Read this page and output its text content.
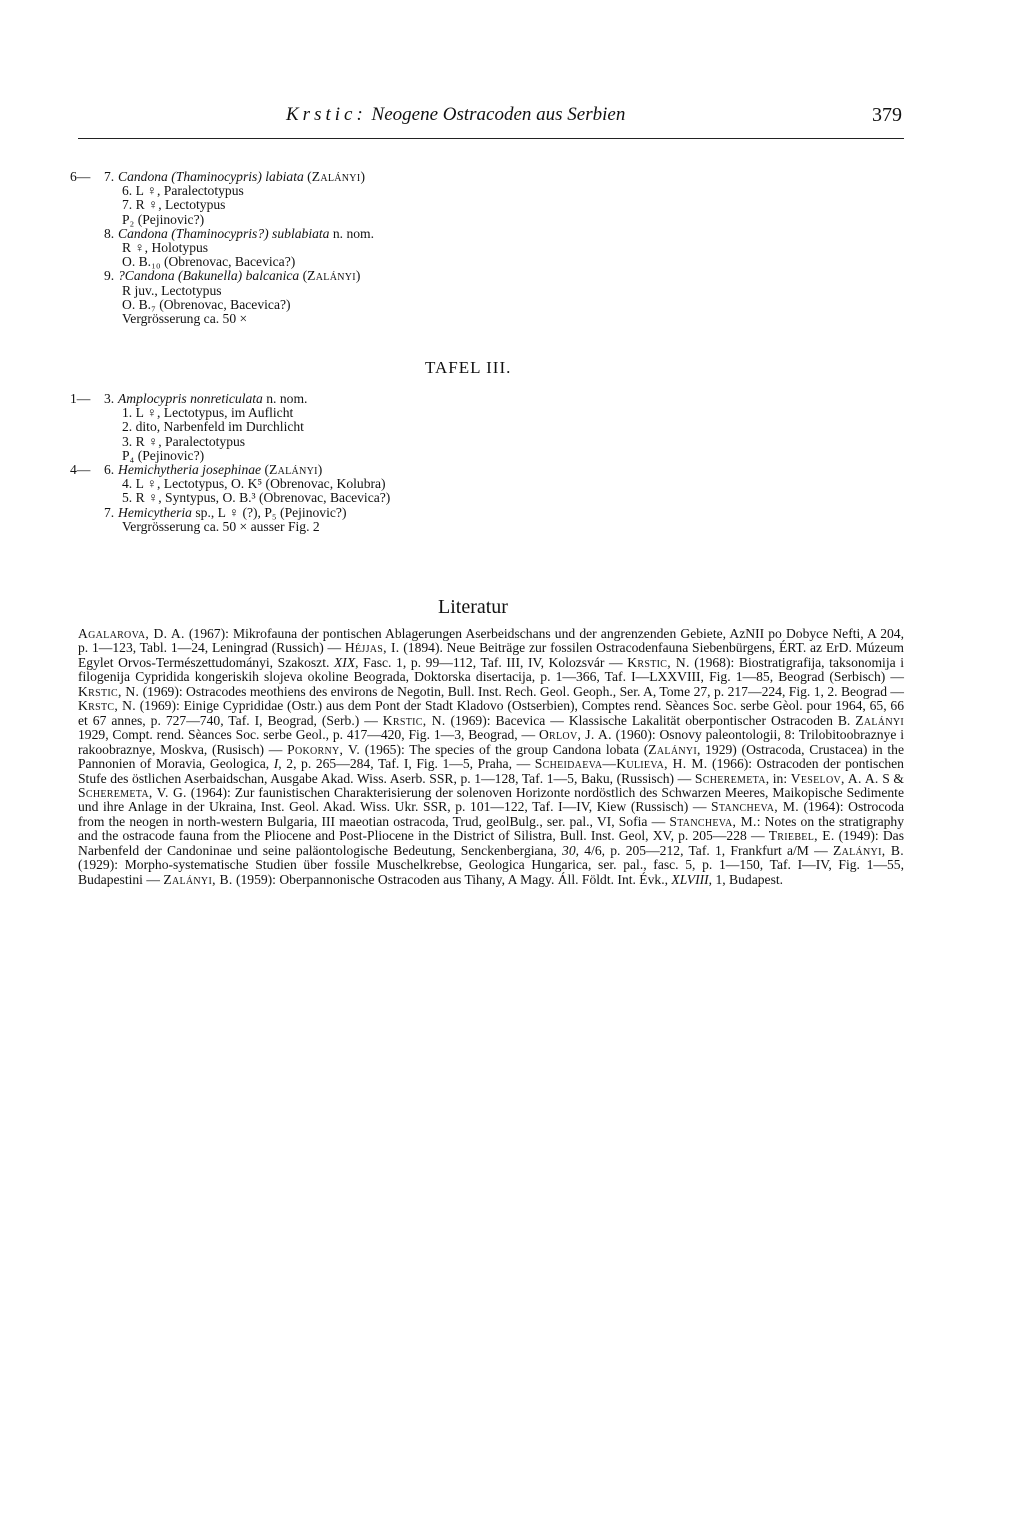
Krstic: Neogene Ostracoden aus Serbien	379
6— 7. Candona (Thaminocypris) labiata (Zalányi)
6. L ♀, Paralectotypus
7. R ♀, Lectotypus
P₂ (Pejinovic?)
8. Candona (Thaminocypris?) sublabiata n. nom.
R ♀, Holotypus
O. B.₁₀ (Obrenovac, Bacevica?)
9. ?Candona (Bakunella) balcanica (Zalányi)
R juv., Lectotypus
O. B.₇ (Obrenovac, Bacevica?)
Vergrösserung ca. 50 ×
TAFEL III.
1— 3. Amplocypris nonreticulata n. nom.
1. L ♀, Lectotypus, im Auflicht
2. dito, Narbenfeld im Durchlicht
3. R ♀, Paralectotypus
P₄ (Pejinovic?)
4— 6. Hemichytheria josephinae (Zalányi)
4. L ♀, Lectotypus, O. K⁵ (Obrenovac, Kolubra)
5. R ♀, Syntypus, O. B.³ (Obrenovac, Bacevica?)
7. Hemicytheria sp., L ♀ (?), P₅ (Pejinovic?)
Vergrösserung ca. 50 × ausser Fig. 2
Literatur
Agalarova, D. A. (1967): Mikrofauna der pontischen Ablagerungen Aserbeidschans und der angrenzenden Gebiete, AzNII po Dobyce Nefti, A 204, p. 1—123, Tabl. 1—24, Leningrad (Russich) — Héjjas, I. (1894). Neue Beiträge zur fossilen Ostracodenfauna Siebenbürgens, ÉRT. az ErD. Múzeum Egylet Orvos-Természettudományi, Szakoszt. XIX, Fasc. 1, p. 99—112, Taf. III, IV, Kolozsvár — Krstic, N. (1968): Biostratigrafija, taksonomija i filogenija Cypridida kongeriskih slojeva okoline Beograda, Doktorska disertacija, p. 1—366, Taf. I—LXXVIII, Fig. 1—85, Beograd (Serbisch) — Krstic, N. (1969): Ostracodes meothiens des environs de Negotin, Bull. Inst. Rech. Geol. Geoph., Ser. A, Tome 27, p. 217—224, Fig. 1, 2. Beograd — Krstc, N. (1969): Einige Cyprididae (Ostr.) aus dem Pont der Stadt Kladovo (Ostserbien), Comptes rend. Sèances Soc. serbe Gèol. pour 1964, 65, 66 et 67 annes, p. 727—740, Taf. I, Beograd, (Serb.) — Krstic, N. (1969): Bacevica — Klassische Lakalität oberpontischer Ostracoden B. Zalányi 1929, Compt. rend. Sèances Soc. serbe Geol., p. 417—420, Fig. 1—3, Beograd, — Orlov, J. A. (1960): Osnovy paleontologii, 8: Trilobitoobraznye i rakoobraznye, Moskva, (Rusisch) — Pokorny, V. (1965): The species of the group Candona lobata (Zalányi, 1929) (Ostracoda, Crustacea) in the Pannonien of Moravia, Geologica, I, 2, p. 265—284, Taf. I, Fig. 1—5, Praha, — Scheidaeva—Kulieva, H. M. (1966): Ostracoden der pontischen Stufe des östlichen Aserbaidschan, Ausgabe Akad. Wiss. Aserb. SSR, p. 1—128, Taf. 1—5, Baku, (Russisch) — Scheremeta, in: Veselov, A. A. S & Scheremeta, V. G. (1964): Zur faunistischen Charakterisierung der solenoven Horizonte nordöstlich des Schwarzen Meeres, Maikopische Sedimente und ihre Anlage in der Ukraina, Inst. Geol. Akad. Wiss. Ukr. SSR, p. 101—122, Taf. I—IV, Kiew (Russisch) — Stancheva, M. (1964): Ostrocoda from the neogen in north-western Bulgaria, III maeotian ostracoda, Trud, geolBulg., ser. pal., VI, Sofia — Stancheva, M.: Notes on the stratigraphy and the ostracode fauna from the Pliocene and Post-Pliocene in the District of Silistra, Bull. Inst. Geol, XV, p. 205—228 — Triebel, E. (1949): Das Narbenfeld der Candoninae und seine paläontologische Bedeutung, Senckenbergiana, 30, 4/6, p. 205—212, Taf. 1, Frankfurt a/M — Zalányi, B. (1929): Morpho-systematische Studien über fossile Muschelkrebse, Geologica Hungarica, ser. pal., fasc. 5, p. 1—150, Taf. I—IV, Fig. 1—55, Budapestini — Zalányi, B. (1959): Oberpannonische Ostracoden aus Tihany, A Magy. Áll. Földt. Int. Évk., XLVIII, 1, Budapest.
